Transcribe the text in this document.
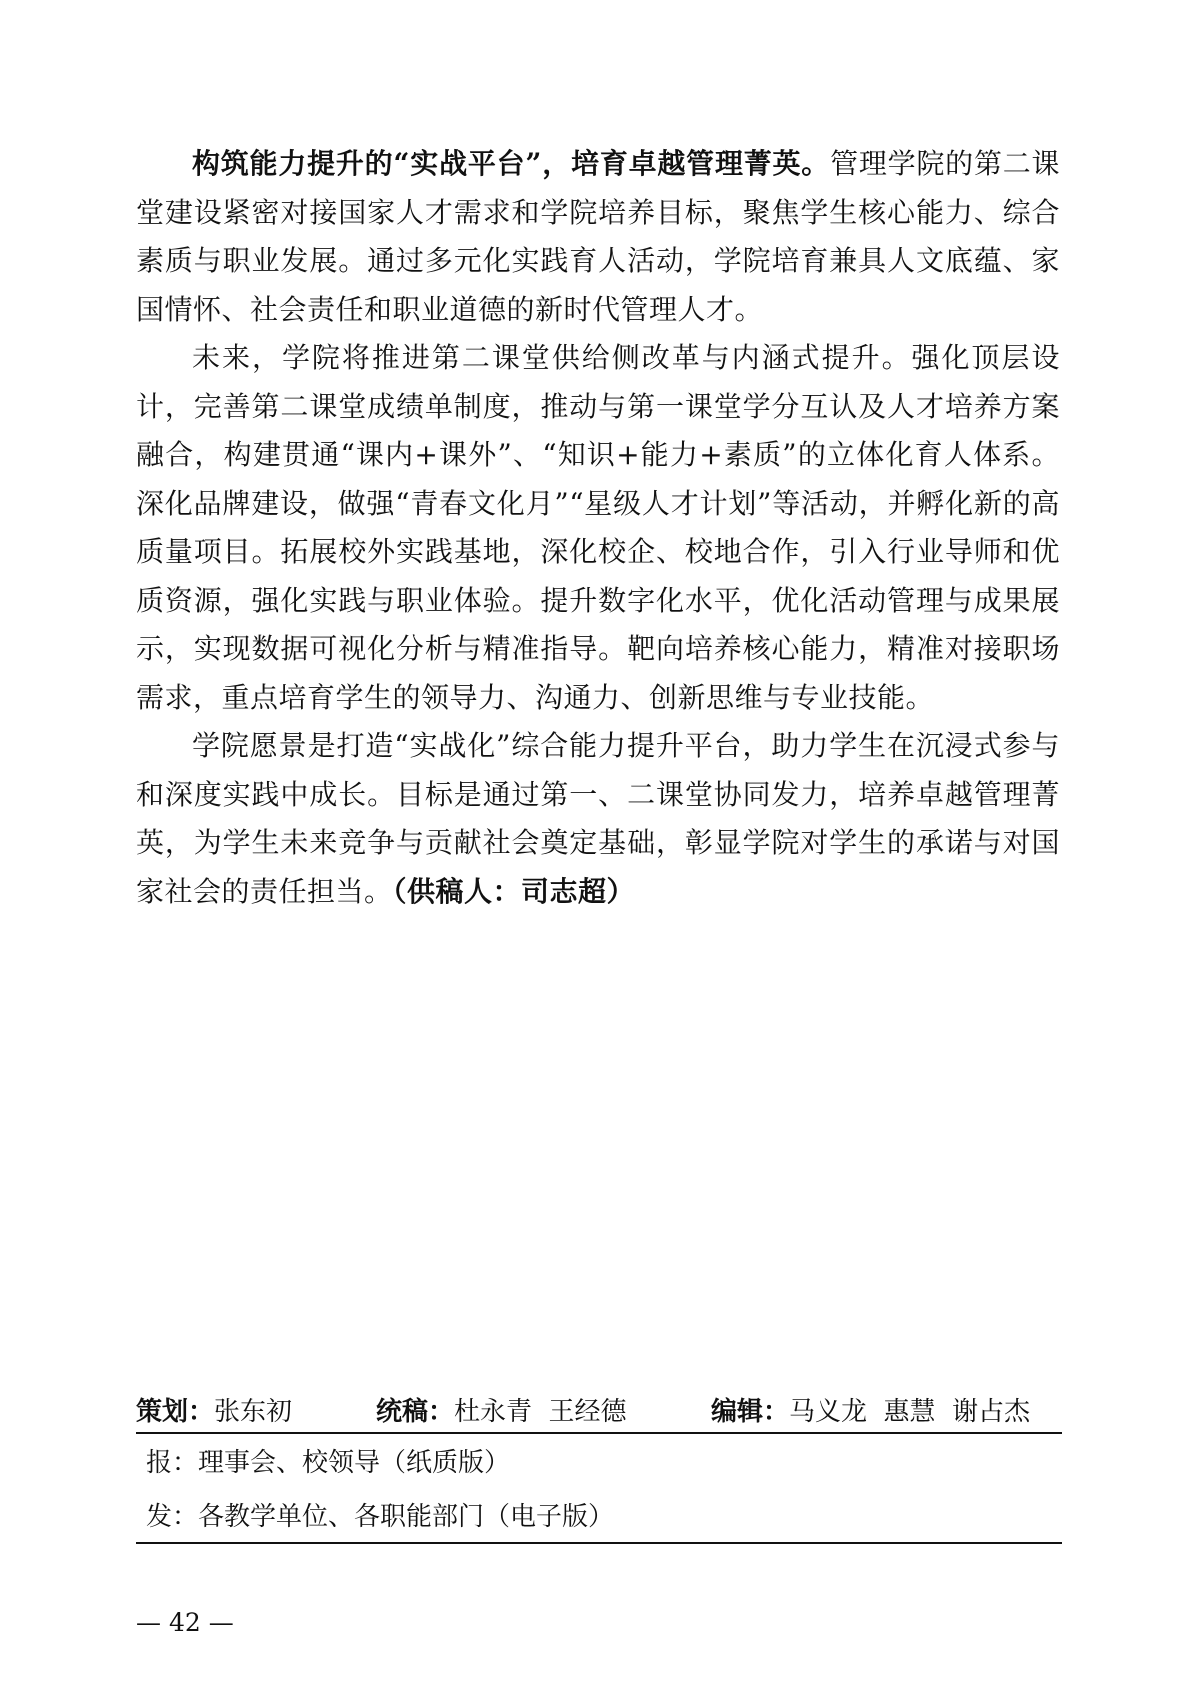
构筑能力提升的“实战平台”，培育卓越管理菁英。管理学院的第二课堂建设紧密对接国家人才需求和学院培养目标，聚焦学生核心能力、综合素质与职业发展。通过多元化实践育人活动，学院培育兼具人文底蕴、家国情怀、社会责任和职业道德的新时代管理人才。

未来，学院将推进第二课堂供给侧改革与内涵式提升。强化顶层设计，完善第二课堂成绩单制度，推动与第一课堂学分互认及人才培养方案融合，构建贯通“课内+课外”、“知识+能力+素质”的立体化育人体系。深化品牌建设，做强“青春文化月”“星级人才计划”等活动，并孵化新的高质量项目。拓展校外实践基地，深化校企、校地合作，引入行业导师和优质资源，强化实践与职业体验。提升数字化水平，优化活动管理与成果展示，实现数据可视化分析与精准指导。靶向培养核心能力，精准对接职场需求，重点培育学生的领导力、沟通力、创新思维与专业技能。

学院愿景是打造“实战化”综合能力提升平台，助力学生在沉浸式参与和深度实践中成长。目标是通过第一、二课堂协同发力，培养卓越管理菁英，为学生未来竞争与贡献社会奠定基础，彰显学院对学生的承诺与对国家社会的责任担当。（供稿人：司志超）

策划：张东初	统稿：杜永青  王经德	编辑：马义龙  惠慧  谢占杰
报：理事会、校领导（纸质版）
发：各教学单位、各职能部门（电子版）
— 42 —
